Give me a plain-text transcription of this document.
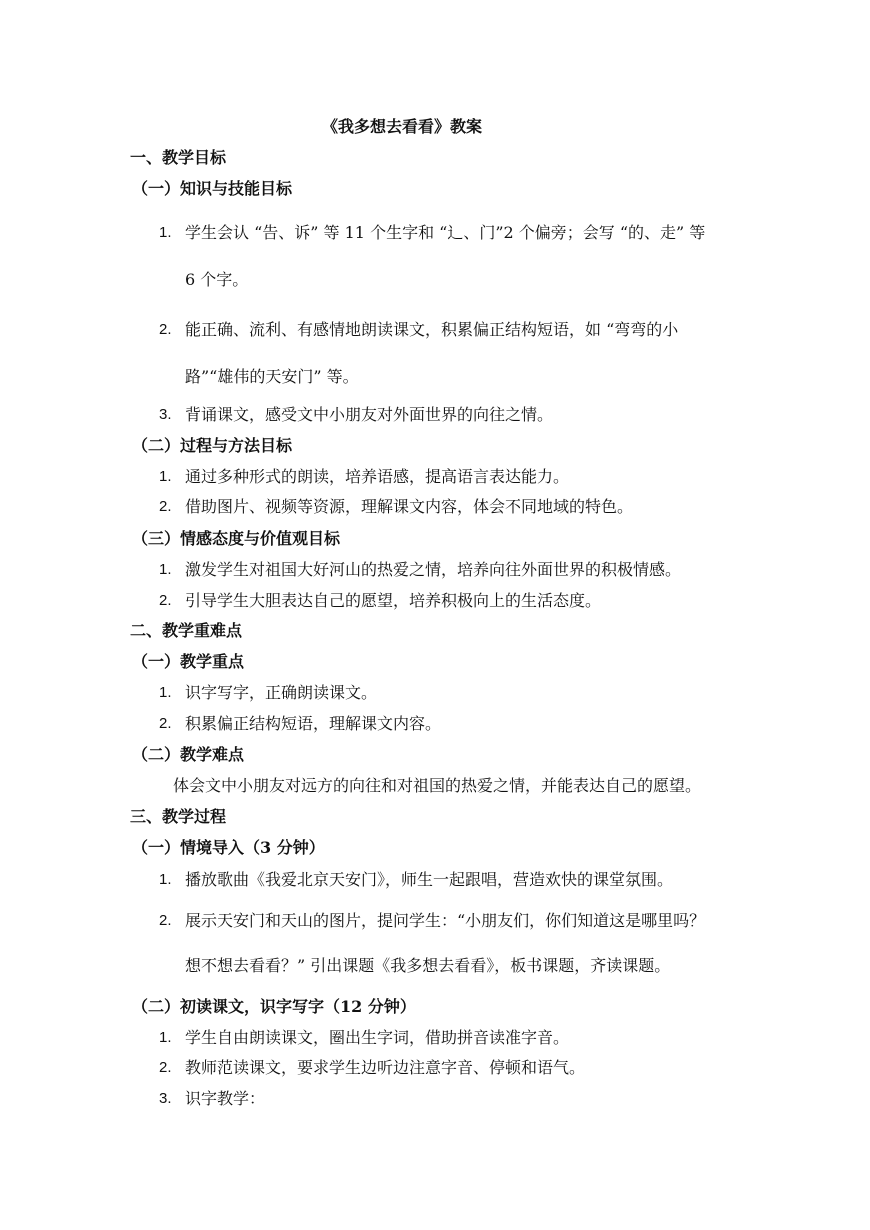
《我多想去看看》教案
一、教学目标
（一）知识与技能目标
1. 学生会认 “告、诉” 等 11 个生字和 “辶、门”2 个偏旁；会写 “的、走” 等
6 个字。
2. 能正确、流利、有感情地朗读课文，积累偏正结构短语，如 “弯弯的小
路”“雄伟的天安门” 等。
3. 背诵课文，感受文中小朋友对外面世界的向往之情。
（二）过程与方法目标
1. 通过多种形式的朗读，培养语感，提高语言表达能力。
2. 借助图片、视频等资源，理解课文内容，体会不同地域的特色。
（三）情感态度与价值观目标
1. 激发学生对祖国大好河山的热爱之情，培养向往外面世界的积极情感。
2. 引导学生大胆表达自己的愿望，培养积极向上的生活态度。
二、教学重难点
（一）教学重点
1. 识字写字，正确朗读课文。
2. 积累偏正结构短语，理解课文内容。
（二）教学难点
体会文中小朋友对远方的向往和对祖国的热爱之情，并能表达自己的愿望。
三、教学过程
（一）情境导入（3 分钟）
1. 播放歌曲《我爱北京天安门》，师生一起跟唱，营造欢快的课堂氛围。
2. 展示天安门和天山的图片，提问学生：“小朋友们，你们知道这是哪里吗？
想不想去看看？” 引出课题《我多想去看看》，板书课题，齐读课题。
（二）初读课文，识字写字（12 分钟）
1. 学生自由朗读课文，圈出生字词，借助拼音读准字音。
2. 教师范读课文，要求学生边听边注意字音、停顿和语气。
3. 识字教学：
